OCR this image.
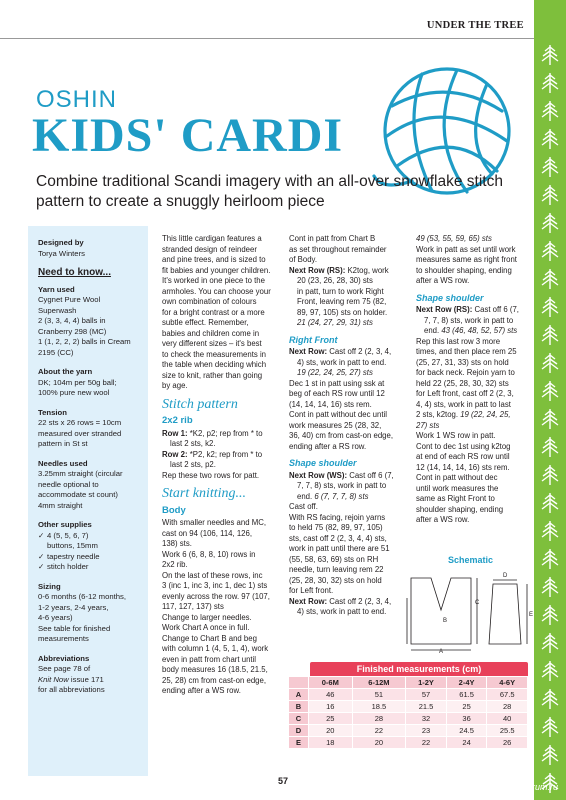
UNDER THE TREE
OSHIN
KIDS' CARDI
Combine traditional Scandi imagery with an all-over snowflake stitch pattern to create a snuggly heirloom piece
Designed by
Torya Winters
Need to know...
Yarn used
Cygnet Pure Wool Superwash
2 (3, 3, 4, 4) balls in
Cranberry 298 (MC)
1 (1, 2, 2, 2) balls in Cream
2195 (CC)
About the yarn
DK; 104m per 50g ball;
100% pure new wool
Tension
22 sts x 26 rows = 10cm
measured over stranded
pattern in St st
Needles used
3.25mm straight (circular
needle optional to
accommodate st count)
4mm straight
Other supplies
✓ 4 (5, 5, 6, 7)
buttons, 15mm
✓ tapestry needle
✓ stitch holder
Sizing
0-6 months (6-12 months,
1-2 years, 2-4 years,
4-6 years)
See table for finished
measurements
Abbreviations
See page 78 of
Knit Now issue 171
for all abbreviations
This little cardigan features a
stranded design of reindeer
and pine trees, and is sized to
fit babies and younger children.
It's worked in one piece to the
armholes. You can choose your
own combination of colours
for a bright contrast or a more
subtle effect. Remember,
babies and children come in
very different sizes – it's best
to check the measurements in
the table when deciding which
size to knit, rather than going
by age.
Stitch pattern
2x2 rib
Row 1: *K2, p2; rep from * to
last 2 sts, k2.
Row 2: *P2, k2; rep from * to
last 2 sts, p2.
Rep these two rows for patt.
Start knitting...
Body
With smaller needles and MC,
cast on 94 (106, 114, 126,
138) sts.
Work 6 (6, 8, 8, 10) rows in
2x2 rib.
On the last of these rows, inc
3 (inc 1, inc 3, inc 1, dec 1) sts
evenly across the row. 97 (107,
117, 127, 137) sts
Change to larger needles.
Work Chart A once in full.
Change to Chart B and beg
with column 1 (4, 5, 1, 4), work
even in patt from chart until
body measures 16 (18.5, 21.5,
25, 28) cm from cast-on edge,
ending after a WS row.
Cont in patt from Chart B
as set throughout remainder
of Body.
Next Row (RS): K2tog, work
20 (23, 26, 28, 30) sts
in patt, turn to work Right
Front, leaving rem 75 (82,
89, 97, 105) sts on holder.
21 (24, 27, 29, 31) sts
Right Front
Next Row: Cast off 2 (2, 3, 4,
4) sts, work in patt to end.
19 (22, 24, 25, 27) sts
Dec 1 st in patt using ssk at
beg of each RS row until 12
(14, 14, 14, 16) sts rem.
Cont in patt without dec until
work measures 25 (28, 32,
36, 40) cm from cast-on edge,
ending after a RS row.
Shape shoulder
Next Row (WS): Cast off 6 (7,
7, 7, 8) sts, work in patt to
end. 6 (7, 7, 7, 8) sts
Cast off.
With RS facing, rejoin yarns
to held 75 (82, 89, 97, 105)
sts, cast off 2 (2, 3, 4, 4) sts,
work in patt until there are 51
(55, 58, 63, 69) sts on RH
needle, turn leaving rem 22
(25, 28, 30, 32) sts on hold
for Left front.
Next Row: Cast off 2 (2, 3, 4,
4) sts, work in patt to end.
49 (53, 55, 59, 65) sts
Work in patt as set until work
measures same as right front
to shoulder shaping, ending
after a WS row.
Shape shoulder
Next Row (RS): Cast off 6 (7,
7, 7, 8) sts, work in patt to
end. 43 (46, 48, 52, 57) sts
Rep this last row 3 more
times, and then place rem 25
(25, 27, 31, 33) sts on hold
for back neck. Rejoin yarn to
held 22 (25, 28, 30, 32) sts
for Left front, cast off 2 (2, 3,
4, 4) sts, work in patt to last
2 sts, k2tog. 19 (22, 24, 25,
27) sts
Work 1 WS row in patt.
Cont to dec 1st using k2tog
at end of each RS row until
12 (14, 14, 14, 16) sts rem.
Cont in patt without dec
until work measures the
same as Right Front to
shoulder shaping, ending
after a WS row.
Schematic
A
B
C
D
E
Finished measurements (cm)
	0-6M	6-12M	1-2Y	2-4Y	4-6Y
A	46	51	57	61.5	67.5
B	16	18.5	21.5	25	28
C	25	28	32	36	40
D	20	22	23	24.5	25.5
E	18	20	22	24	26
57
PassionForum.ru
